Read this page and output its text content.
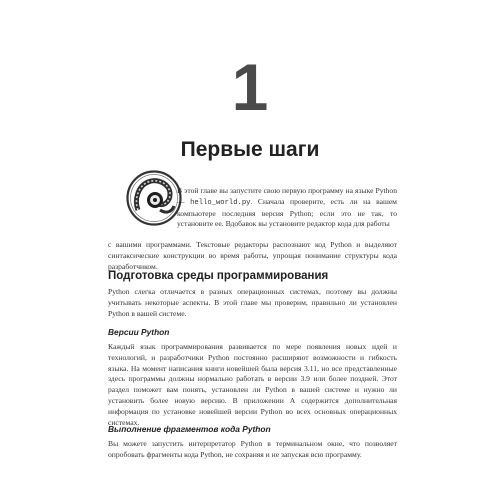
1
Первые шаги
В этой главе вы запустите свою первую программу на языке Python — hello_world.py. Сначала проверите, есть ли на вашем компьютере последняя версия Python; если это не так, то установите ее. Вдобавок вы установите редактор кода для работы
с вашими программами. Текстовые редакторы распознают код Python и выделяют синтаксические конструкции во время работы, упрощая понимание структуры кода разработчиком.
Подготовка среды программирования
Python слегка отличается в разных операционных системах, поэтому вы должны учитывать некоторые аспекты. В этой главе мы проверим, правильно ли установлен Python в вашей системе.
Версии Python
Каждый язык программирования развивается по мере появления новых идей и технологий, и разработчики Python постоянно расширяют возможности и гибкость языка. На момент написания книги новейшей была версия 3.11, но все представленные здесь программы должны нормально работать в версии 3.9 или более поздней. Этот раздел поможет вам понять, установлен ли Python в вашей системе и нужно ли установить более новую версию. В приложении А содержится дополнительная информация по установке новейшей версии Python во всех основных операционных системах.
Выполнение фрагментов кода Python
Вы можете запустить интерпретатор Python в терминальном окне, что позволяет опробовать фрагменты кода Python, не сохраняя и не запуская всю программу.
